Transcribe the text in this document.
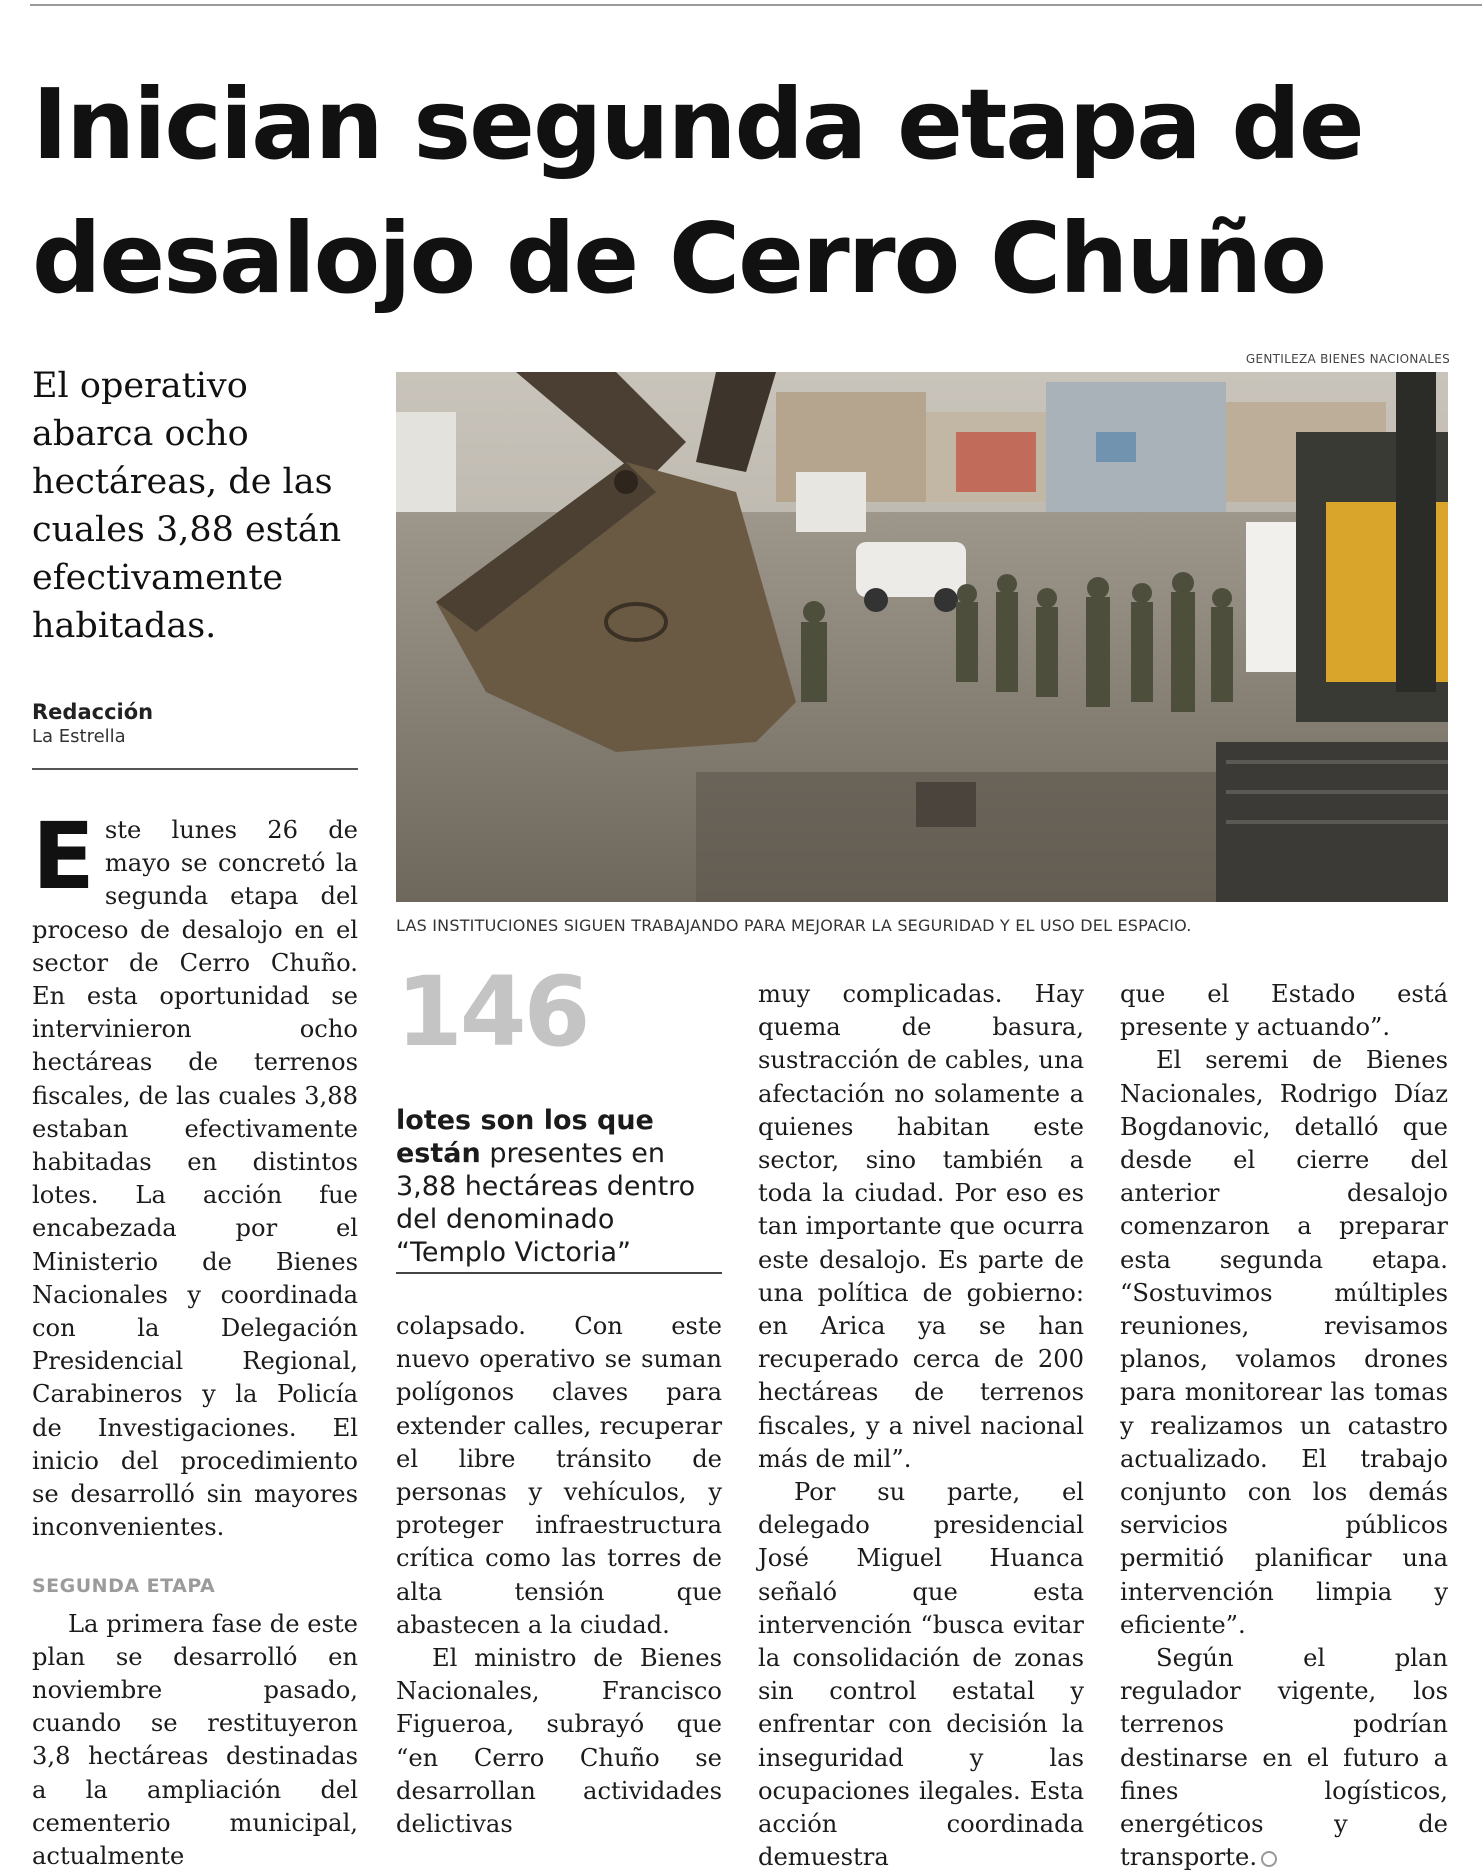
Inician segunda etapa de
desalojo de Cerro Chuño
El operativo abarca ocho hectáreas, de las cuales 3,88 están efectivamente habitadas.
Redacción
La Estrella
GENTILEZA BIENES NACIONALES
LAS INSTITUCIONES SIGUEN TRABAJANDO PARA MEJORAR LA SEGURIDAD Y EL USO DEL ESPACIO.

Este lunes 26 de mayo se concretó la segunda etapa del proceso de desalojo en el sector de Cerro Chuño. En esta oportunidad se intervinieron ocho hectáreas de terrenos fiscales, de las cuales 3,88 estaban efectivamente habitadas en distintos lotes. La acción fue encabezada por el Ministerio de Bienes Nacionales y coordinada con la Delegación Presidencial Regional, Carabineros y la Policía de Investigaciones. El inicio del procedimiento se desarrolló sin mayores inconvenientes.

SEGUNDA ETAPA

La primera fase de este plan se desarrolló en noviembre pasado, cuando se restituyeron 3,8 hectáreas destinadas a la ampliación del cementerio municipal, actualmente

146
lotes son los que están presentes en 3,88 hectáreas dentro del denominado “Templo Victoria”

colapsado. Con este nuevo operativo se suman polígonos claves para extender calles, recuperar el libre tránsito de personas y vehículos, y proteger infraestructura crítica como las torres de alta tensión que abastecen a la ciudad.

El ministro de Bienes Nacionales, Francisco Figueroa, subrayó que “en Cerro Chuño se desarrollan actividades delictivas

muy complicadas. Hay quema de basura, sustracción de cables, una afectación no solamente a quienes habitan este sector, sino también a toda la ciudad. Por eso es tan importante que ocurra este desalojo. Es parte de una política de gobierno: en Arica ya se han recuperado cerca de 200 hectáreas de terrenos fiscales, y a nivel nacional más de mil”.

Por su parte, el delegado presidencial José Miguel Huanca señaló que esta intervención “busca evitar la consolidación de zonas sin control estatal y enfrentar con decisión la inseguridad y las ocupaciones ilegales. Esta acción coordinada demuestra

que el Estado está presente y actuando”.

El seremi de Bienes Nacionales, Rodrigo Díaz Bogdanovic, detalló que desde el cierre del anterior desalojo comenzaron a preparar esta segunda etapa. “Sostuvimos múltiples reuniones, revisamos planos, volamos drones para monitorear las tomas y realizamos un catastro actualizado. El trabajo conjunto con los demás servicios públicos permitió planificar una intervención limpia y eficiente”.

Según el plan regulador vigente, los terrenos podrían destinarse en el futuro a fines logísticos, energéticos y de transporte.
